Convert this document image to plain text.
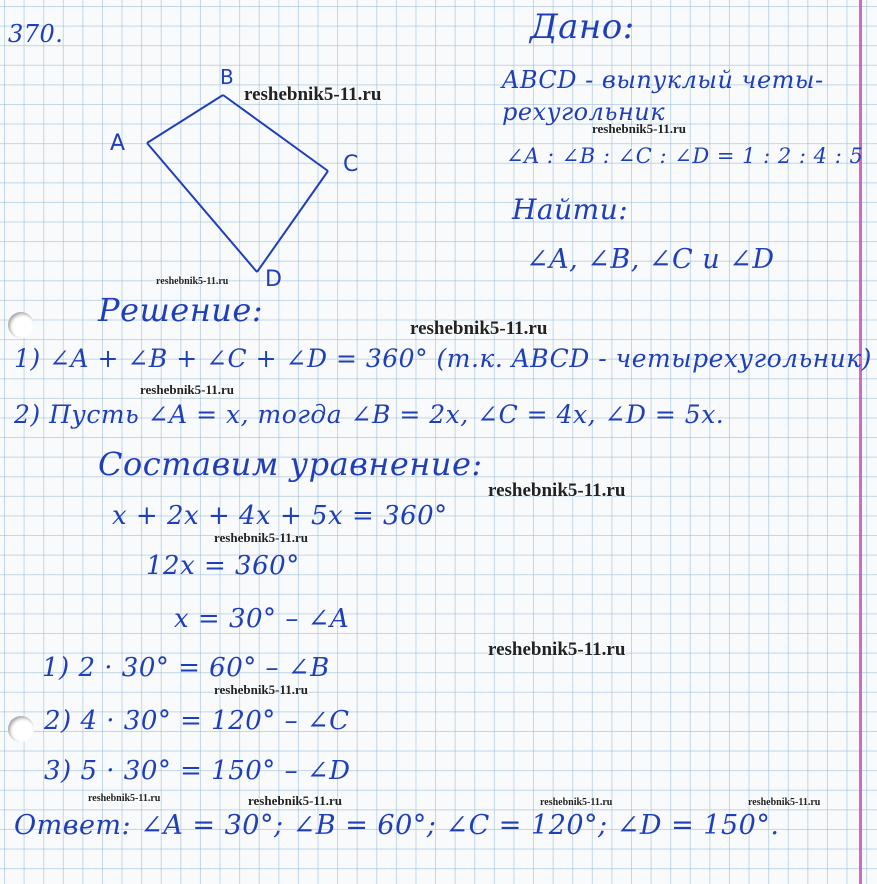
370.	Дано:
ABCD - выпуклый четы-
рехугольник
∠A : ∠B : ∠C : ∠D = 1 : 2 : 4 : 5
Найти:
∠A, ∠B, ∠C и ∠D
A
B
C
D
Решение:
1) ∠A + ∠B + ∠C + ∠D = 360° (т.к. ABCD - четырехугольник)
2) Пусть ∠A = x, тогда ∠B = 2x, ∠C = 4x, ∠D = 5x.
Составим уравнение:
x + 2x + 4x + 5x = 360°
12x = 360°
x = 30° – ∠A
1) 2 · 30° = 60° – ∠B
2) 4 · 30° = 120° – ∠C
3) 5 · 30° = 150° – ∠D
Ответ: ∠A = 30°; ∠B = 60°; ∠C = 120°; ∠D = 150°.
reshebnik5-11.ru
reshebnik5-11.ru
reshebnik5-11.ru
reshebnik5-11.ru
reshebnik5-11.ru
reshebnik5-11.ru
reshebnik5-11.ru
reshebnik5-11.ru
reshebnik5-11.ru
reshebnik5-11.ru	reshebnik5-11.ru	reshebnik5-11.ru	reshebnik5-11.ru
